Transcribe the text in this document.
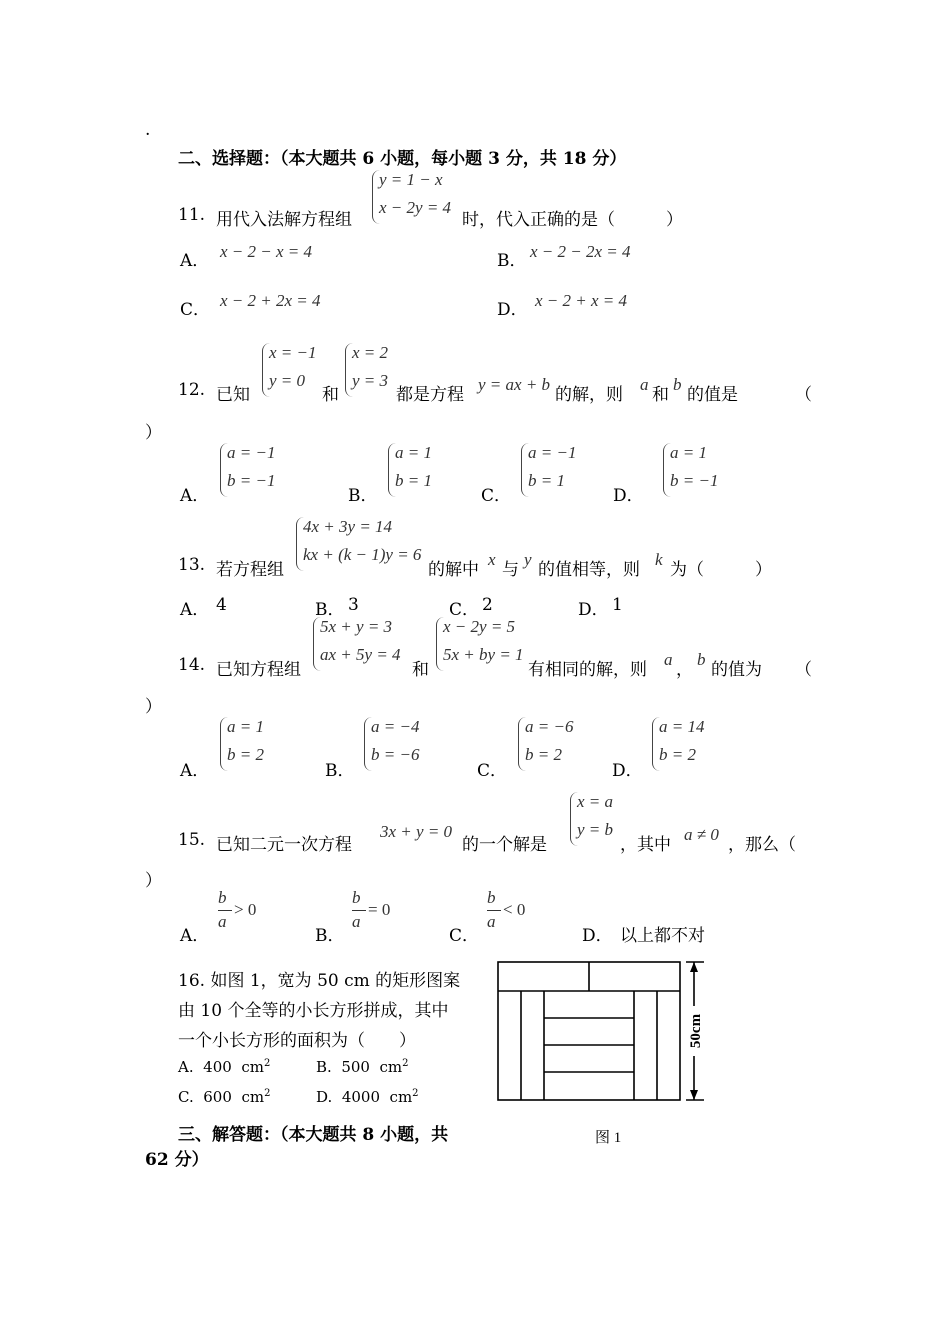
.
二、选择题：（本大题共 6 小题，每小题 3 分，共 18 分）
11. 用代入法解方程组
y = 1 − x
x − 2y = 4
时，代入正确的是（　　　）
A． x − 2 − x = 4	B． x − 2 − 2x = 4
C． x − 2 + 2x = 4	D． x − 2 + x = 4
12. 已知
x = −1
y = 0
和
x = 2
y = 3
都是方程
y = ax + b
的解，则
a
和
b
的值是	（
）
A．
a = −1
b = −1
B．
a = 1
b = 1
C．
a = −1
b = 1
D．
a = 1
b = −1
13. 若方程组
4x + 3y = 14
kx + (k − 1)y = 6
的解中
x
与
y
的值相等，则
k
为（　　　）
A． 4	B． 3	C． 2	D． 1
14. 已知方程组
5x + y = 3
ax + 5y = 4
和
x − 2y = 5
5x + by = 1
有相同的解，则
a
，
b
的值为 （
）
A．
a = 1
b = 2
B．
a = −4
b = −6
C．
a = −6
b = 2
D．
a = 14
b = 2
15. 已知二元一次方程
3x + y = 0
的一个解是
x = a
y = b
，其中
a ≠ 0
，那么（
）
A．
b
a
> 0
B．
b
a
= 0
C．
b
a
< 0
D． 以上都不对
16. 如图 1，宽为 50 cm 的矩形图案
由 10 个全等的小长方形拼成，其中
一个小长方形的面积为（　　）
A. 400 $cm^2$	B. 500 $cm^2$
C. 600 $cm^2$	D. 4000 $cm^2$
50cm
图 1
三、解答题：（本大题共 8 小题，共
62 分）
